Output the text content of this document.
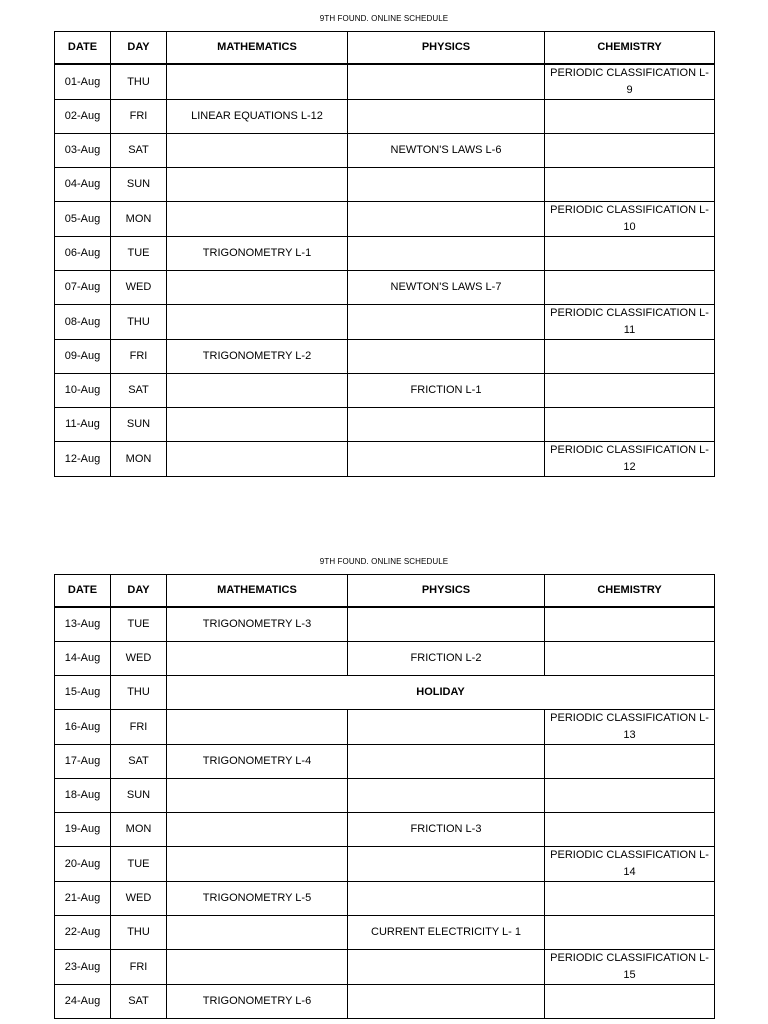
9TH FOUND. ONLINE SCHEDULE
DATE	DAY	MATHEMATICS	PHYSICS	CHEMISTRY
01-Aug	THU			PERIODIC CLASSIFICATION L-9
02-Aug	FRI	LINEAR EQUATIONS L-12		
03-Aug	SAT		NEWTON'S LAWS L-6	
04-Aug	SUN			
05-Aug	MON			PERIODIC CLASSIFICATION L-10
06-Aug	TUE	TRIGONOMETRY L-1		
07-Aug	WED		NEWTON'S LAWS L-7	
08-Aug	THU			PERIODIC CLASSIFICATION L-11
09-Aug	FRI	TRIGONOMETRY L-2		
10-Aug	SAT		FRICTION L-1	
11-Aug	SUN			
12-Aug	MON			PERIODIC CLASSIFICATION L-12
9TH FOUND. ONLINE SCHEDULE
DATE	DAY	MATHEMATICS	PHYSICS	CHEMISTRY
13-Aug	TUE	TRIGONOMETRY L-3		
14-Aug	WED		FRICTION L-2	
15-Aug	THU	HOLIDAY		
16-Aug	FRI			PERIODIC CLASSIFICATION L-13
17-Aug	SAT	TRIGONOMETRY L-4		
18-Aug	SUN			
19-Aug	MON		FRICTION L-3	
20-Aug	TUE			PERIODIC CLASSIFICATION L-14
21-Aug	WED	TRIGONOMETRY L-5		
22-Aug	THU		CURRENT ELECTRICITY L- 1	
23-Aug	FRI			PERIODIC CLASSIFICATION L-15
24-Aug	SAT	TRIGONOMETRY L-6		
